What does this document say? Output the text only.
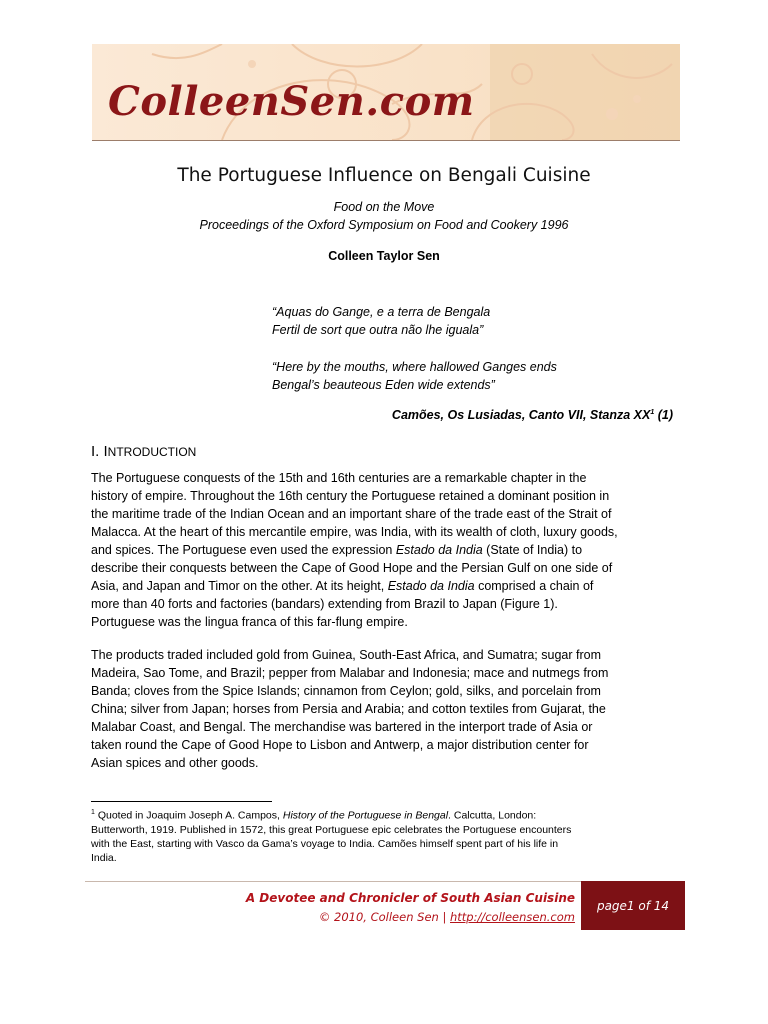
ColleenSen.com
The Portuguese Influence on Bengali Cuisine
Food on the Move
Proceedings of the Oxford Symposium on Food and Cookery 1996
Colleen Taylor Sen
“Aquas do Gange, e a terra de Bengala
Fertil de sort que outra não lhe iguala”
“Here by the mouths, where hallowed Ganges ends
Bengal’s beauteous Eden wide extends”
Camões, Os Lusiadas, Canto VII, Stanza $XX^1$ (1)
I. INTRODUCTION
The Portuguese conquests of the 15th and 16th centuries are a remarkable chapter in the
history of empire. Throughout the 16th century the Portuguese retained a dominant position in
the maritime trade of the Indian Ocean and an important share of the trade east of the Strait of
Malacca. At the heart of this mercantile empire, was India, with its wealth of cloth, luxury goods,
and spices. The Portuguese even used the expression Estado da India (State of India) to
describe their conquests between the Cape of Good Hope and the Persian Gulf on one side of
Asia, and Japan and Timor on the other. At its height, Estado da India comprised a chain of
more than 40 forts and factories (bandars) extending from Brazil to Japan (Figure 1).
Portuguese was the lingua franca of this far-flung empire.
The products traded included gold from Guinea, South-East Africa, and Sumatra; sugar from
Madeira, Sao Tome, and Brazil; pepper from Malabar and Indonesia; mace and nutmegs from
Banda; cloves from the Spice Islands; cinnamon from Ceylon; gold, silks, and porcelain from
China; silver from Japan; horses from Persia and Arabia; and cotton textiles from Gujarat, the
Malabar Coast, and Bengal. The merchandise was bartered in the interport trade of Asia or
taken round the Cape of Good Hope to Lisbon and Antwerp, a major distribution center for
Asian spices and other goods.
$^1$ Quoted in Joaquim Joseph A. Campos, History of the Portuguese in Bengal. Calcutta, London:
Butterworth, 1919. Published in 1572, this great Portuguese epic celebrates the Portuguese encounters
with the East, starting with Vasco da Gama’s voyage to India. Camões himself spent part of his life in
India.
A Devotee and Chronicler of South Asian Cuisine
© 2010, Colleen Sen | http://colleensen.com
page1 of 14
